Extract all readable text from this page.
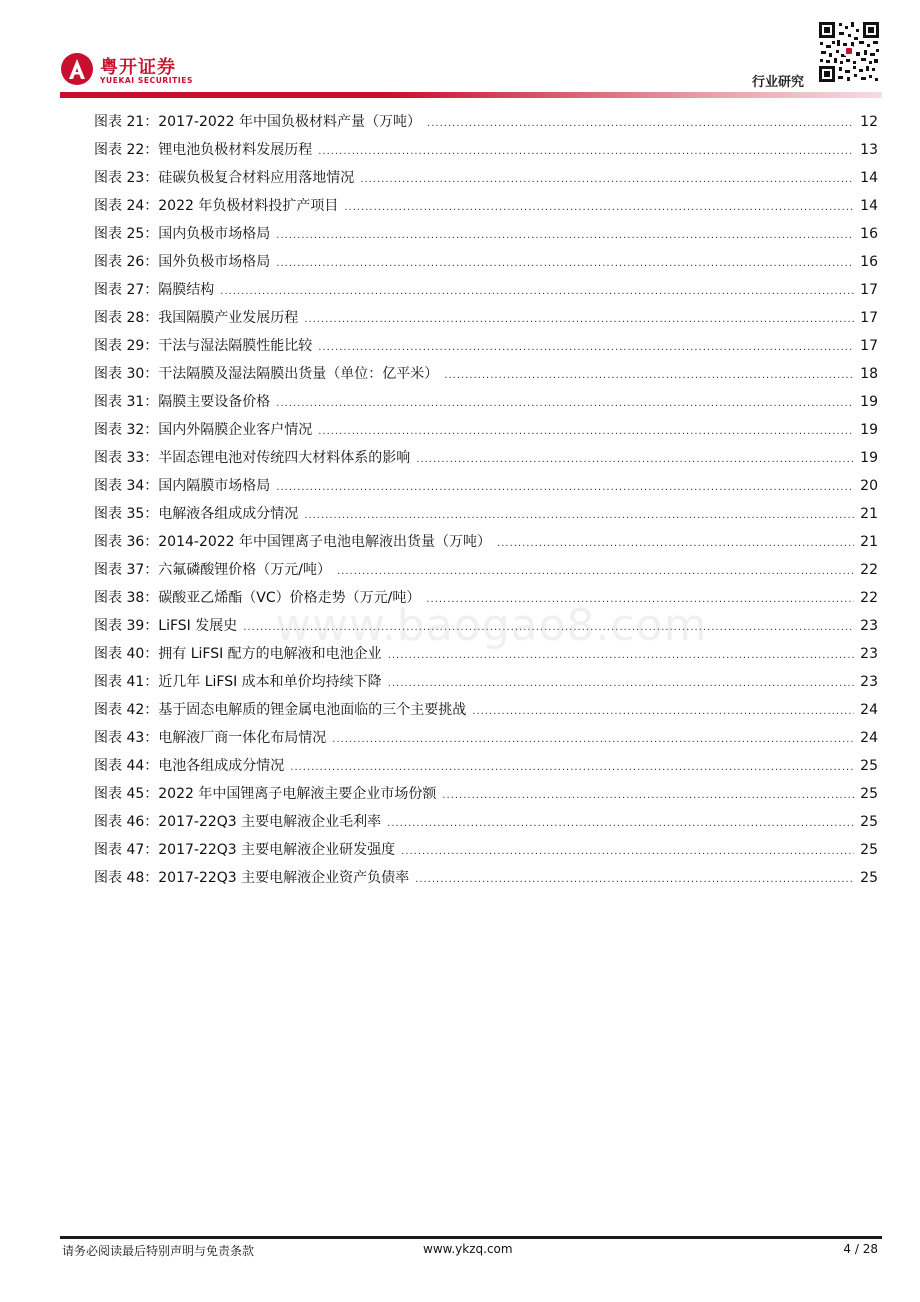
粤开证券
YUEKAI SECURITIES	行业研究
图表 21：2017-2022 年中国负极材料产量（万吨） .....	12
图表 22：锂电池负极材料发展历程 .....	13
图表 23：硅碳负极复合材料应用落地情况 .....	14
图表 24：2022 年负极材料投扩产项目 .....	14
图表 25：国内负极市场格局 .....	16
图表 26：国外负极市场格局 .....	16
图表 27：隔膜结构 .....	17
图表 28：我国隔膜产业发展历程 .....	17
图表 29：干法与湿法隔膜性能比较 .....	17
图表 30：干法隔膜及湿法隔膜出货量（单位：亿平米） .....	18
图表 31：隔膜主要设备价格 .....	19
图表 32：国内外隔膜企业客户情况 .....	19
图表 33：半固态锂电池对传统四大材料体系的影响 .....	19
图表 34：国内隔膜市场格局 .....	20
图表 35：电解液各组成成分情况 .....	21
图表 36：2014-2022 年中国锂离子电池电解液出货量（万吨） .....	21
图表 37：六氟磷酸锂价格（万元/吨） .....	22
图表 38：碳酸亚乙烯酯（VC）价格走势（万元/吨） .....	22
图表 39：LiFSI 发展史 .....	23
图表 40：拥有 LiFSI 配方的电解液和电池企业 .....	23
图表 41：近几年 LiFSI 成本和单价均持续下降 .....	23
图表 42：基于固态电解质的锂金属电池面临的三个主要挑战 .....	24
图表 43：电解液厂商一体化布局情况 .....	24
图表 44：电池各组成成分情况 .....	25
图表 45：2022 年中国锂离子电解液主要企业市场份额 .....	25
图表 46：2017-22Q3 主要电解液企业毛利率 .....	25
图表 47：2017-22Q3 主要电解液企业研发强度 .....	25
图表 48：2017-22Q3 主要电解液企业资产负债率 .....	25
www.baogao8.com
请务必阅读最后特别声明与免责条款	www.ykzq.com	4 / 28
